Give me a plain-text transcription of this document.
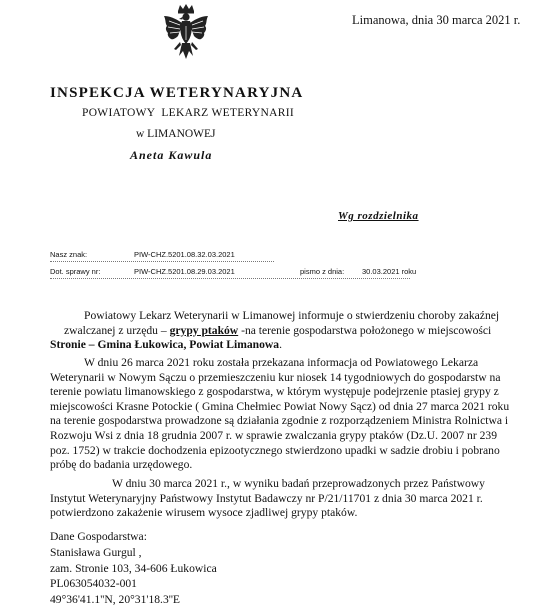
Limanowa, dnia 30 marca 2021 r.
INSPEKCJA WETERYNARYJNA
POWIATOWY  LEKARZ WETERYNARII
w LIMANOWEJ
Aneta Kawula
Wg rozdzielnika
Nasz znak:	PIW-CHZ.5201.08.32.03.2021
Dot. sprawy nr:	PIW-CHZ.5201.08.29.03.2021	pismo z dnia: 30.03.2021 roku
Powiatowy Lekarz Weterynarii w Limanowej informuje o stwierdzeniu choroby zakaźnej
zwalczanej z urzędu – grypy ptaków -na terenie gospodarstwa położonego w miejscowości
Stronie – Gmina Łukowica, Powiat Limanowa.
W dniu 26 marca 2021 roku została przekazana informacja od Powiatowego Lekarza
Weterynarii w Nowym Sączu o przemieszczeniu kur niosek 14 tygodniowych do gospodarstw na
terenie powiatu limanowskiego z gospodarstwa, w którym występuje podejrzenie ptasiej grypy z
miejscowości Krasne Potockie ( Gmina Chełmiec Powiat Nowy Sącz) od dnia 27 marca 2021 roku
na terenie gospodarstwa prowadzone są działania zgodnie z rozporządzeniem Ministra Rolnictwa i
Rozwoju Wsi z dnia 18 grudnia 2007 r. w sprawie zwalczania grypy ptaków (Dz.U. 2007 nr 239
poz. 1752) w trakcie dochodzenia epizootycznego stwierdzono upadki w sadzie drobiu i pobrano
próbę do badania urzędowego.
W dniu 30 marca 2021 r., w wyniku badań przeprowadzonych przez Państwowy
Instytut Weterynaryjny Państwowy Instytut Badawczy nr P/21/11701 z dnia 30 marca 2021 r.
potwierdzono zakażenie wirusem wysoce zjadliwej grypy ptaków.
Dane Gospodarstwa:
Stanisława Gurgul ,
zam. Stronie 103, 34-606 Łukowica
PL063054032-001
49°36'41.1''N, 20°31'18.3''E
